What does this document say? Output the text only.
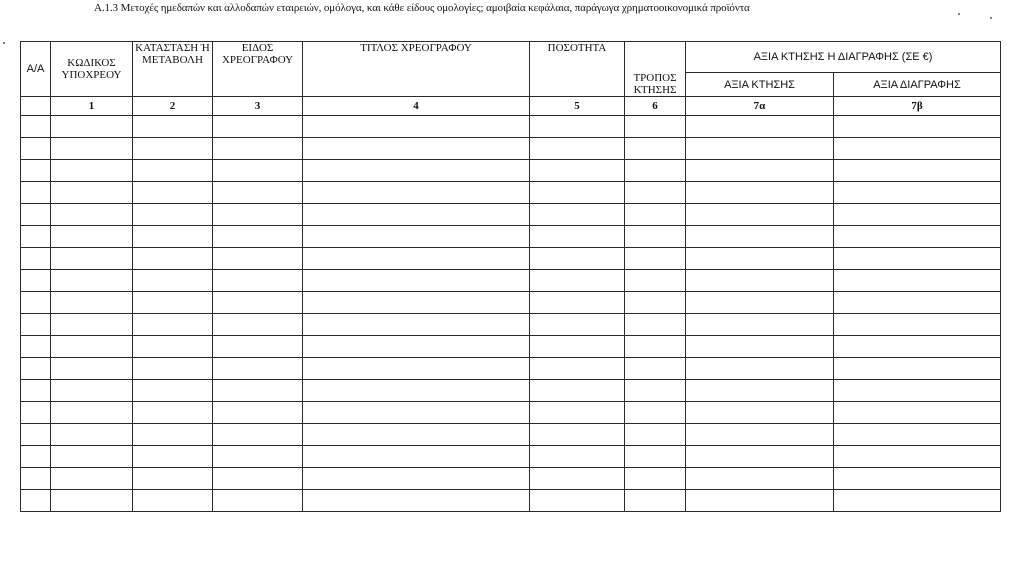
Α.1.3 Μετοχές ημεδαπών και αλλοδαπών εταιρειών, ομόλογα, και κάθε είδους ομολογίες; αμοιβαία κεφάλαια, παράγωγα χρηματοοικονομικά προϊόντα
Α/Α	ΚΩΔΙΚΟΣ ΥΠΟΧΡΕΟΥ	ΚΑΤΑΣΤΑΣΗ Ή ΜΕΤΑΒΟΛΗ	ΕΙΔΟΣ ΧΡΕΟΓΡΑΦΟΥ	ΤΙΤΛΟΣ ΧΡΕΟΓΡΑΦΟΥ	ΠΟΣΟΤΗΤΑ	ΤΡΟΠΟΣ ΚΤΗΣΗΣ	ΑΞΙΑ ΚΤΗΣΗΣ Η ΔΙΑΓΡΑΦΗΣ (ΣΕ €)	
							ΑΞΙΑ ΚΤΗΣΗΣ	ΑΞΙΑ ΔΙΑΓΡΑΦΗΣ
	1	2	3	4	5	6	7α	7β
